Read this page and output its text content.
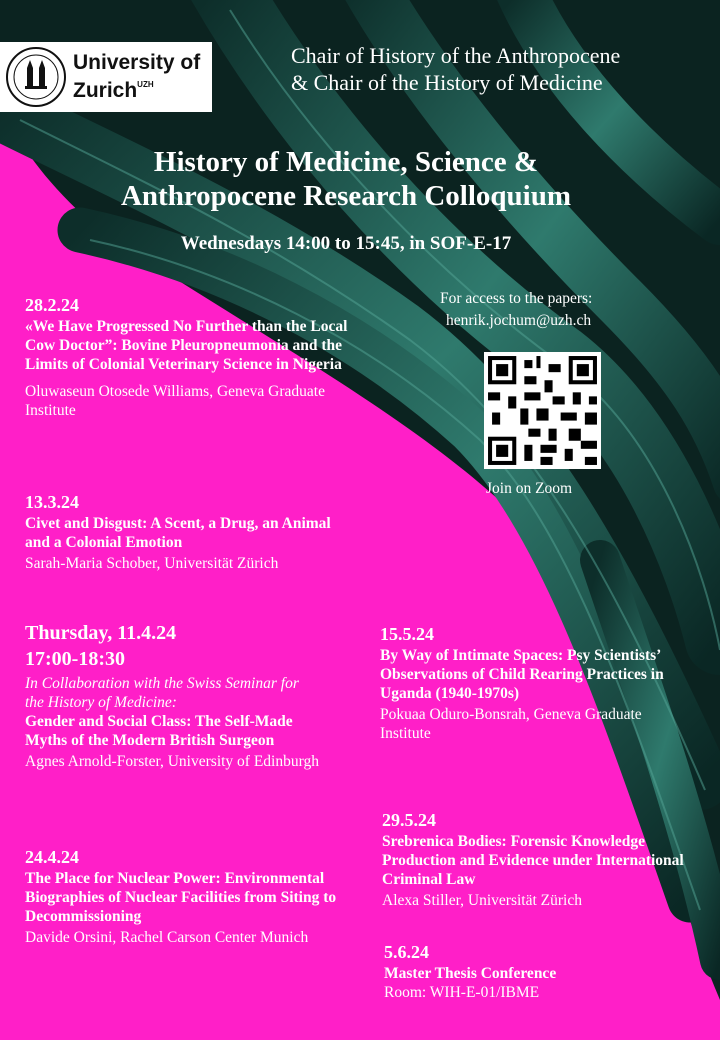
University of
Zurich$^{UZH}$
Chair of History of the Anthropocene
& Chair of the History of Medicine
History of Medicine, Science &
Anthropocene Research Colloquium
Wednesdays 14:00 to 15:45, in SOF-E-17
For access to the papers:
henrik.jochum@uzh.ch
Join on Zoom
28.2.24
«We Have Progressed No Further than the Local Cow Doctor”: Bovine Pleuropneumonia and the Limits of Colonial Veterinary Science in Nigeria
Oluwaseun Otosede Williams, Geneva Graduate Institute
13.3.24
Civet and Disgust: A Scent, a Drug, an Animal and a Colonial Emotion
Sarah-Maria Schober, Universität Zürich
Thursday, 11.4.24
17:00-18:30
In Collaboration with the Swiss Seminar for the History of Medicine:
Gender and Social Class: The Self-Made Myths of the Modern British Surgeon
Agnes Arnold-Forster, University of Edinburgh
24.4.24
The Place for Nuclear Power: Environmental Biographies of Nuclear Facilities from Siting to Decommissioning
Davide Orsini, Rachel Carson Center Munich
15.5.24
By Way of Intimate Spaces: Psy Scientists’ Observations of Child Rearing Practices in Uganda (1940-1970s)
Pokuaa Oduro-Bonsrah, Geneva Graduate Institute
29.5.24
Srebrenica Bodies: Forensic Knowledge Production and Evidence under International Criminal Law
Alexa Stiller, Universität Zürich
5.6.24
Master Thesis Conference
Room: WIH-E-01/IBME
